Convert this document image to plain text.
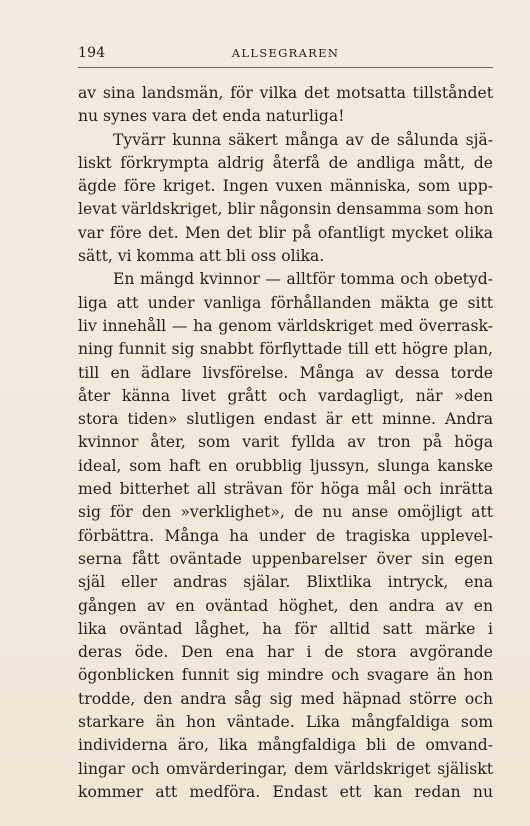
194	ALLSEGRAREN
av sina landsmän, för vilka det motsatta tillståndet
nu synes vara det enda naturliga!
Tyvärr kunna säkert många av de sålunda sjä-
liskt förkrympta aldrig återfå de andliga mått, de
ägde före kriget. Ingen vuxen människa, som upp-
levat världskriget, blir någonsin densamma som hon
var före det. Men det blir på ofantligt mycket olika
sätt, vi komma att bli oss olika.
En mängd kvinnor — alltför tomma och obetyd-
liga att under vanliga förhållanden mäkta ge sitt
liv innehåll — ha genom världskriget med överrask-
ning funnit sig snabbt förflyttade till ett högre plan,
till en ädlare livsförelse. Många av dessa torde
åter känna livet grått och vardagligt, när »den
stora tiden» slutligen endast är ett minne. Andra
kvinnor åter, som varit fyllda av tron på höga
ideal, som haft en orubblig ljussyn, slunga kanske
med bitterhet all strävan för höga mål och inrätta
sig för den »verklighet», de nu anse omöjligt att
förbättra. Många ha under de tragiska upplevel-
serna fått oväntade uppenbarelser över sin egen
själ eller andras själar. Blixtlika intryck, ena
gången av en oväntad höghet, den andra av en
lika oväntad låghet, ha för alltid satt märke i
deras öde. Den ena har i de stora avgörande
ögonblicken funnit sig mindre och svagare än hon
trodde, den andra såg sig med häpnad större och
starkare än hon väntade. Lika mångfaldiga som
individerna äro, lika mångfaldiga bli de omvand-
lingar och omvärderingar, dem världskriget själiskt
kommer att medföra. Endast ett kan redan nu
